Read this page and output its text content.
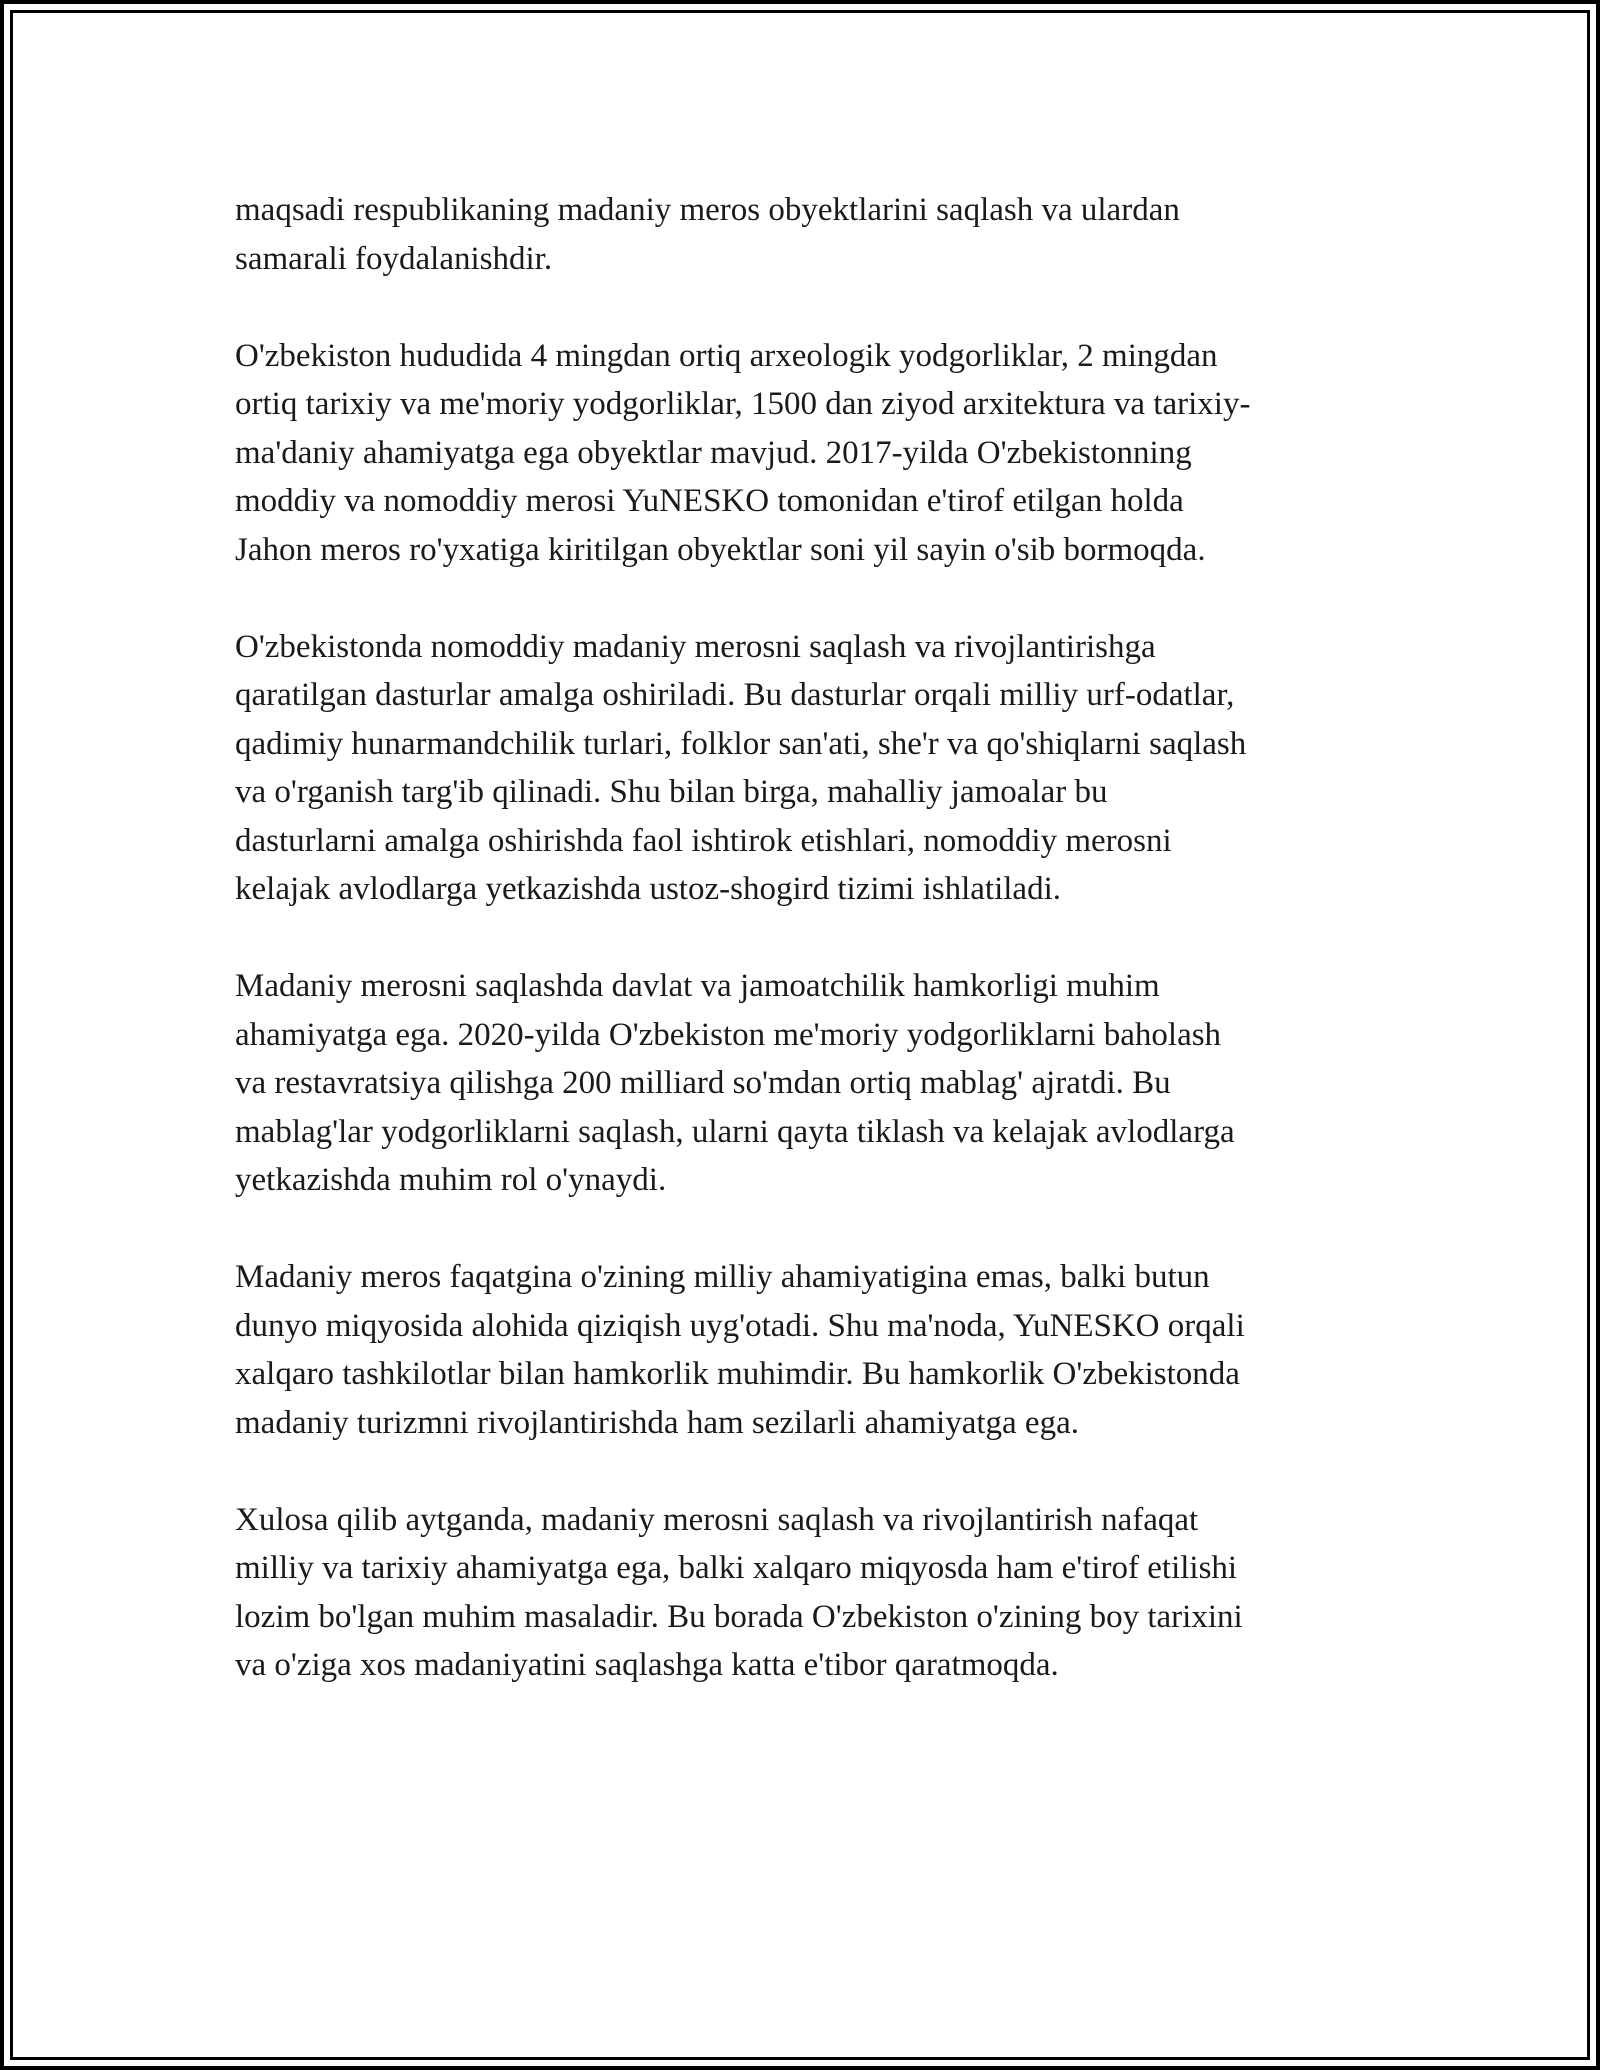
maqsadi respublikaning madaniy meros obyektlarini saqlash va ulardan
samarali foydalanishdir.

O'zbekiston hududida 4 mingdan ortiq arxeologik yodgorliklar, 2 mingdan
ortiq tarixiy va me'moriy yodgorliklar, 1500 dan ziyod arxitektura va tarixiy-
ma'daniy ahamiyatga ega obyektlar mavjud. 2017-yilda O'zbekistonning
moddiy va nomoddiy merosi YuNESKO tomonidan e'tirof etilgan holda
Jahon meros ro'yxatiga kiritilgan obyektlar soni yil sayin o'sib bormoqda.

O'zbekistonda nomoddiy madaniy merosni saqlash va rivojlantirishga
qaratilgan dasturlar amalga oshiriladi. Bu dasturlar orqali milliy urf-odatlar,
qadimiy hunarmandchilik turlari, folklor san'ati, she'r va qo'shiqlarni saqlash
va o'rganish targ'ib qilinadi. Shu bilan birga, mahalliy jamoalar bu
dasturlarni amalga oshirishda faol ishtirok etishlari, nomoddiy merosni
kelajak avlodlarga yetkazishda ustoz-shogird tizimi ishlatiladi.

Madaniy merosni saqlashda davlat va jamoatchilik hamkorligi muhim
ahamiyatga ega. 2020-yilda O'zbekiston me'moriy yodgorliklarni baholash
va restavratsiya qilishga 200 milliard so'mdan ortiq mablag' ajratdi. Bu
mablag'lar yodgorliklarni saqlash, ularni qayta tiklash va kelajak avlodlarga
yetkazishda muhim rol o'ynaydi.

Madaniy meros faqatgina o'zining milliy ahamiyatigina emas, balki butun
dunyo miqyosida alohida qiziqish uyg'otadi. Shu ma'noda, YuNESKO orqali
xalqaro tashkilotlar bilan hamkorlik muhimdir. Bu hamkorlik O'zbekistonda
madaniy turizmni rivojlantirishda ham sezilarli ahamiyatga ega.

Xulosa qilib aytganda, madaniy merosni saqlash va rivojlantirish nafaqat
milliy va tarixiy ahamiyatga ega, balki xalqaro miqyosda ham e'tirof etilishi
lozim bo'lgan muhim masaladir. Bu borada O'zbekiston o'zining boy tarixini
va o'ziga xos madaniyatini saqlashga katta e'tibor qaratmoqda.
